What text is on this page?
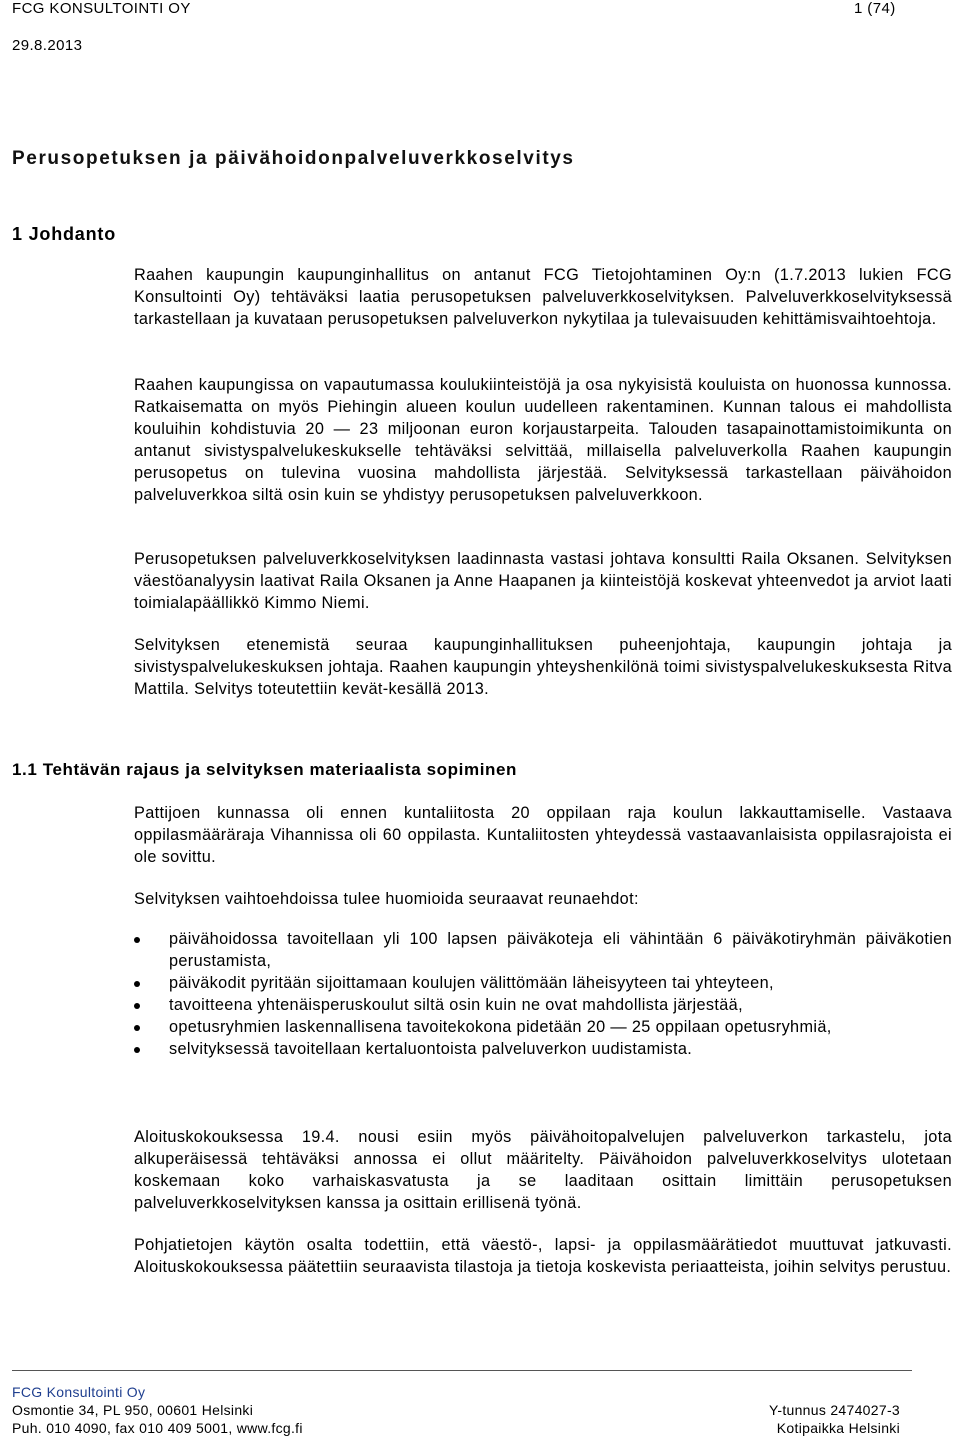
FCG KONSULTOINTI OY
29.8.2013
1 (74)
Perusopetuksen ja päivähoidonpalveluverkkoselvitys
1 Johdanto

Raahen kaupungin kaupunginhallitus on antanut FCG Tietojohtaminen Oy:n (1.7.2013 lukien FCG Konsultointi Oy) tehtäväksi laatia perusopetuksen palveluverkkoselvityksen. Palveluverkkoselvityksessä tarkastellaan ja kuvataan perusopetuksen palveluverkon nykytilaa ja tulevaisuuden kehittämisvaihtoehtoja.

Raahen kaupungissa on vapautumassa koulukiinteistöjä ja osa nykyisistä kouluista on huonossa kunnossa. Ratkaisematta on myös Piehingin alueen koulun uudelleen rakentaminen. Kunnan talous ei mahdollista kouluihin kohdistuvia 20 — 23 miljoonan euron korjaustarpeita. Talouden tasapainottamistoimikunta on antanut sivistyspalvelukeskukselle tehtäväksi selvittää, millaisella palveluverkolla Raahen kaupungin perusopetus on tulevina vuosina mahdollista järjestää. Selvityksessä tarkastellaan päivähoidon palveluverkkoa siltä osin kuin se yhdistyy perusopetuksen palveluverkkoon.

Perusopetuksen palveluverkkoselvityksen laadinnasta vastasi johtava konsultti Raila Oksanen. Selvityksen väestöanalyysin laativat Raila Oksanen ja Anne Haapanen ja kiinteistöjä koskevat yhteenvedot ja arviot laati toimialapäällikkö Kimmo Niemi.

Selvityksen etenemistä seuraa kaupunginhallituksen puheenjohtaja, kaupungin johtaja ja sivistyspalvelukeskuksen johtaja. Raahen kaupungin yhteyshenkilönä toimi sivistyspalvelukeskuksesta Ritva Mattila. Selvitys toteutettiin kevät-kesällä 2013.

1.1 Tehtävän rajaus ja selvityksen materiaalista sopiminen

Pattijoen kunnassa oli ennen kuntaliitosta 20 oppilaan raja koulun lakkauttamiselle. Vastaava oppilasmääräraja Vihannissa oli 60 oppilasta. Kuntaliitosten yhteydessä vastaavanlaisista oppilasrajoista ei ole sovittu.

Selvityksen vaihtoehdoissa tulee huomioida seuraavat reunaehdot:

päivähoidossa tavoitellaan yli 100 lapsen päiväkoteja eli vähintään 6 päiväkotiryhmän päiväkotien perustamista,
päiväkodit pyritään sijoittamaan koulujen välittömään läheisyyteen tai yhteyteen,
tavoitteena yhtenäisperuskoulut siltä osin kuin ne ovat mahdollista järjestää,
opetusryhmien laskennallisena tavoitekokona pidetään 20 — 25 oppilaan opetusryhmiä,
selvityksessä tavoitellaan kertaluontoista palveluverkon uudistamista.

Aloituskokouksessa 19.4. nousi esiin myös päivähoitopalvelujen palveluverkon tarkastelu, jota alkuperäisessä tehtäväksi annossa ei ollut määritelty. Päivähoidon palveluverkkoselvitys ulotetaan koskemaan koko varhaiskasvatusta ja se laaditaan osittain limittäin perusopetuksen palveluverkkoselvityksen kanssa ja osittain erillisenä työnä.

Pohjatietojen käytön osalta todettiin, että väestö-, lapsi- ja oppilasmäärätiedot muuttuvat jatkuvasti. Aloituskokouksessa päätettiin seuraavista tilastoja ja tietoja koskevista periaatteista, joihin selvitys perustuu.

FCG Konsultointi Oy
Osmontie 34, PL 950, 00601 Helsinki
Puh. 010 4090, fax 010 409 5001, www.fcg.fi
Y-tunnus 2474027-3
Kotipaikka Helsinki
